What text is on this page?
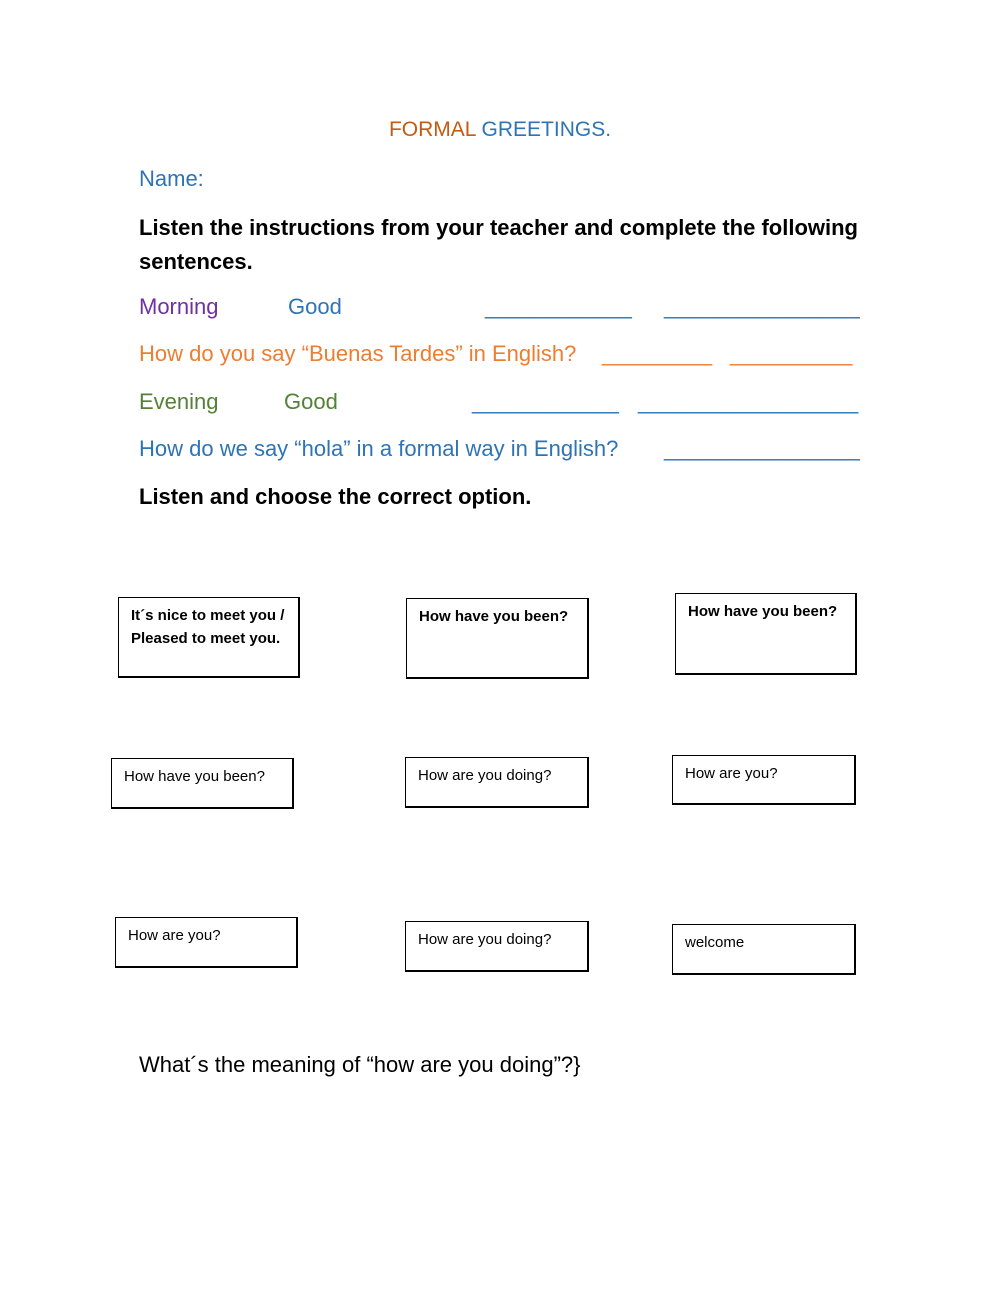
FORMAL GREETINGS.
Name:
Listen the instructions from your teacher and complete the following sentences.
Morning	Good	____________ ________________
How do you say “Buenas Tardes” in English? _________ __________
Evening	Good	____________ __________________
How do we say “hola” in a formal way in English? ________________
Listen and choose the correct option.
It´s nice to meet you / Pleased to meet you.
How have you been?	How have you been?
How have you been?	How are you doing?	How are you?
How are you?	How are you doing?	welcome
What´s the meaning of “how are you doing”?}
